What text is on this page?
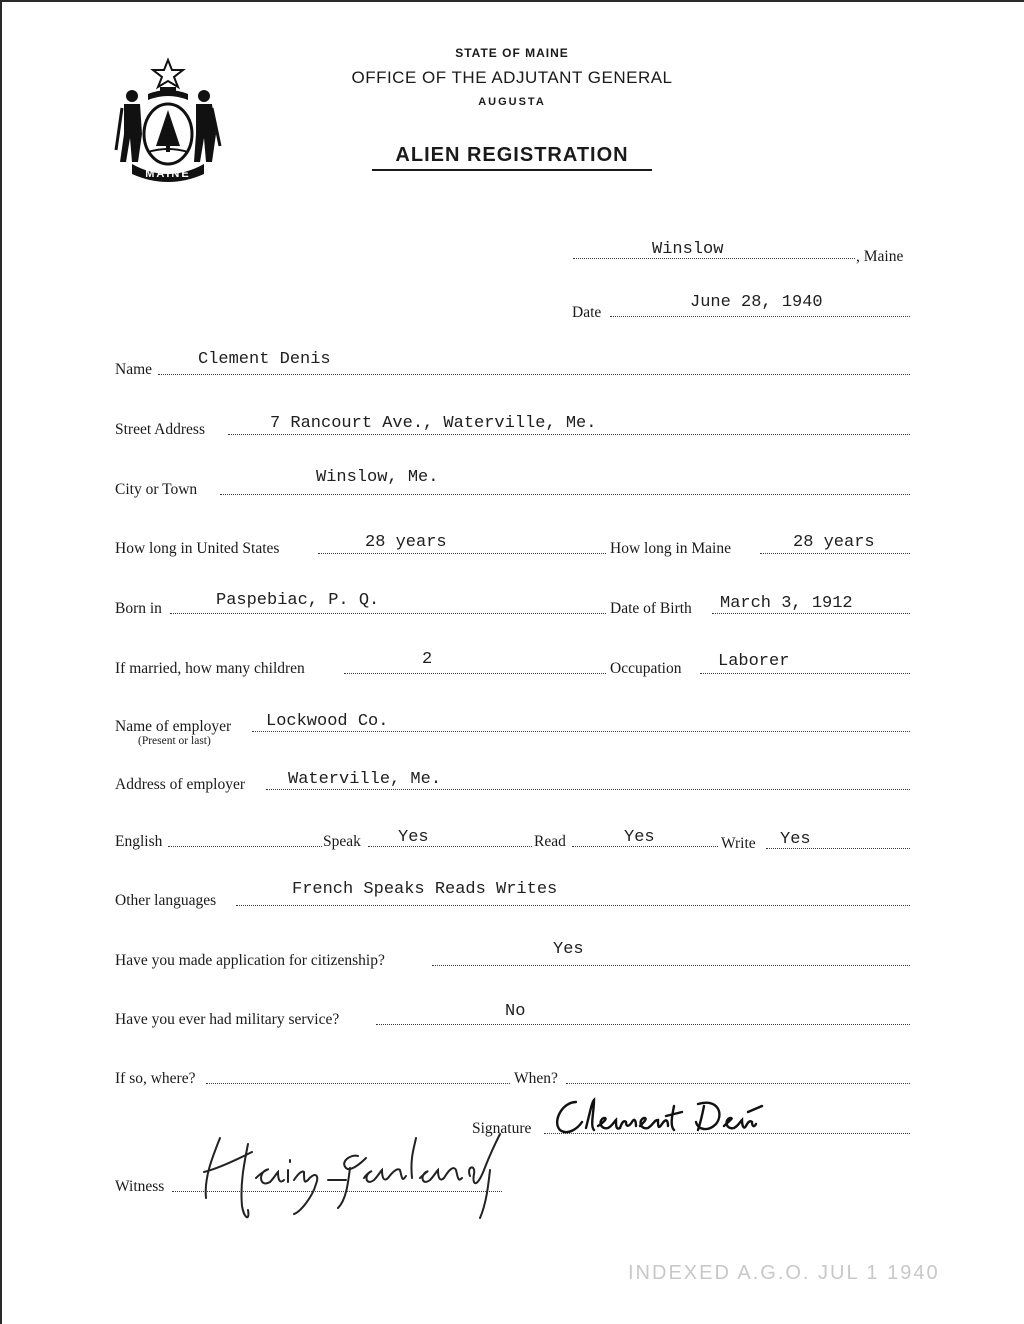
MAINE
STATE OF MAINE
OFFICE OF THE ADJUTANT GENERAL
AUGUSTA
ALIEN REGISTRATION
Winslow	, Maine
Date
June 28, 1940
Name
Clement Denis
Street Address	7 Rancourt Ave., Waterville, Me.
City or Town
Winslow, Me.
How long in United States	28 years	How long in Maine	28 years
Born in	Paspebiac, P. Q.	Date of Birth March 3, 1912
If married, how many children	2	Occupation Laborer
Name of employer
(Present or last)
Lockwood Co.
Address of employer	Waterville, Me.
English	Speak Yes	Read	Yes	Write Yes
Other languages
French Speaks Reads Writes
Have you made application for citizenship?
Yes
Have you ever had military service?	No
If so, where?	When?
Signature
Witness
INDEXED A.G.O. JUL 1 1940
